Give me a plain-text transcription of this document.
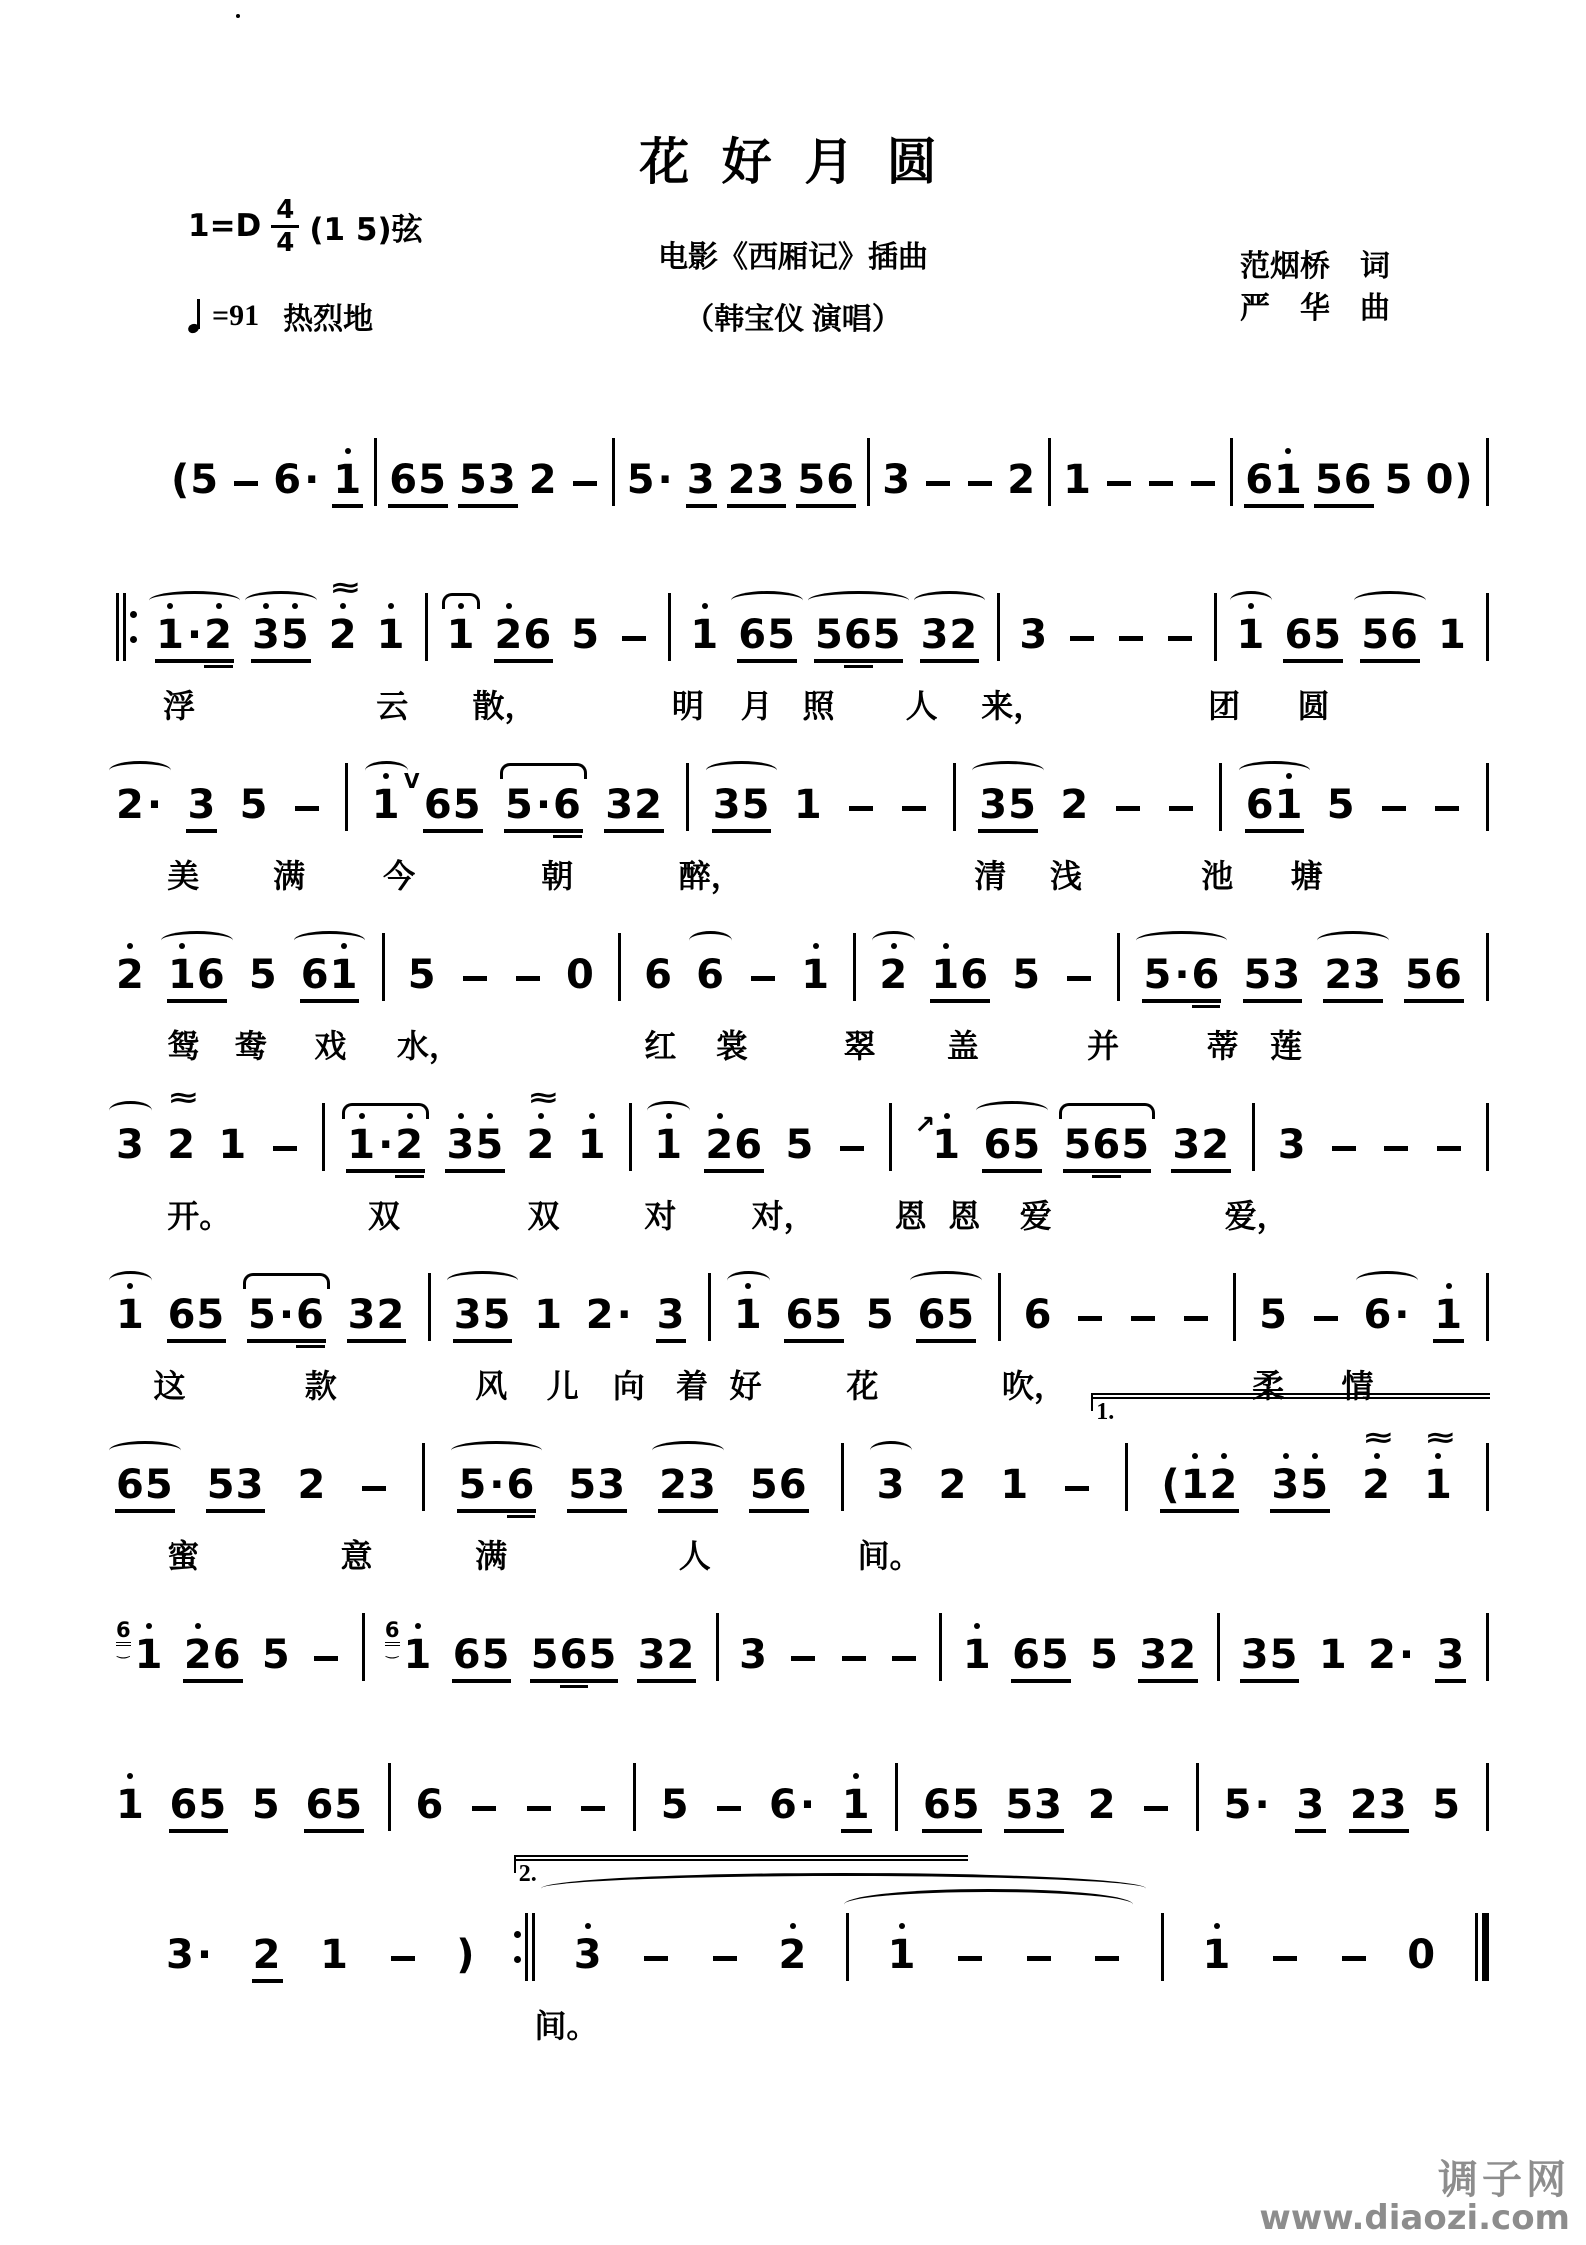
花 好 月 圆
电影《西厢记》插曲
（韩宝仪 演唱）
$1=D \frac{4}{4} (1$ 5)弦
=91 热烈地
范烟桥　词
严　华　曲
( 5 6 · 1 6 5 5 3 2 5 · 3 2 3 5 6 3 2 1	6 1 5 6 5 0 )
1 · 2 3 5 2
≈
1 1 2 6 5 1 6 5 5 6 5 3 2 3	1 6 5 5 6 1
浮	云 散，	明 月 照 人 来，	团 圆
2 · 3 5	1
V
6 5 5 · 6 3 2 3 5 1	3 5 2	6 1 5
美 满 今	朝	醉，	清 浅	池 塘
2 1 6 5 6 1 5	0 6 6 1 2 1 6 5	5 · 6 5 3 2 3 5 6
鸳 鸯 戏 水，	红 裳	翠 盖	并	蒂 莲
3 2
≈
1	1 · 2 3 5 2
≈
1 1 2 6 5	↗
1 6 5 5 6 5 3 2 3
开。	双	双	对 对， 恩 恩 爱	爱，
1 6 5 5 · 6 3 2 3 5 1 2 · 3 1 6 5 5 6 5 6	5 6 · 1
这	款	风 儿 向 着 好	花	吹，	柔 情
1.
6 5 5 3 2	5 · 6 5 3 2 3 5 6 3 2 1	( 1 2 3 5 2
≈
1
≈
蜜	意	满	人	间。
6
‿ 1 2 6 5
6
‿ 1 6 5 5 6 5 3 2 3	1 6 5 5 3 2 3 5 1 2 · 3
1 6 5 5 6 5 6	5 6 · 1 6 5 5 3 2	5 · 3 2 3 5
2.
3 · 2 1	) 3	2 1	1	0
间。
调子网
www.diaozi.com
